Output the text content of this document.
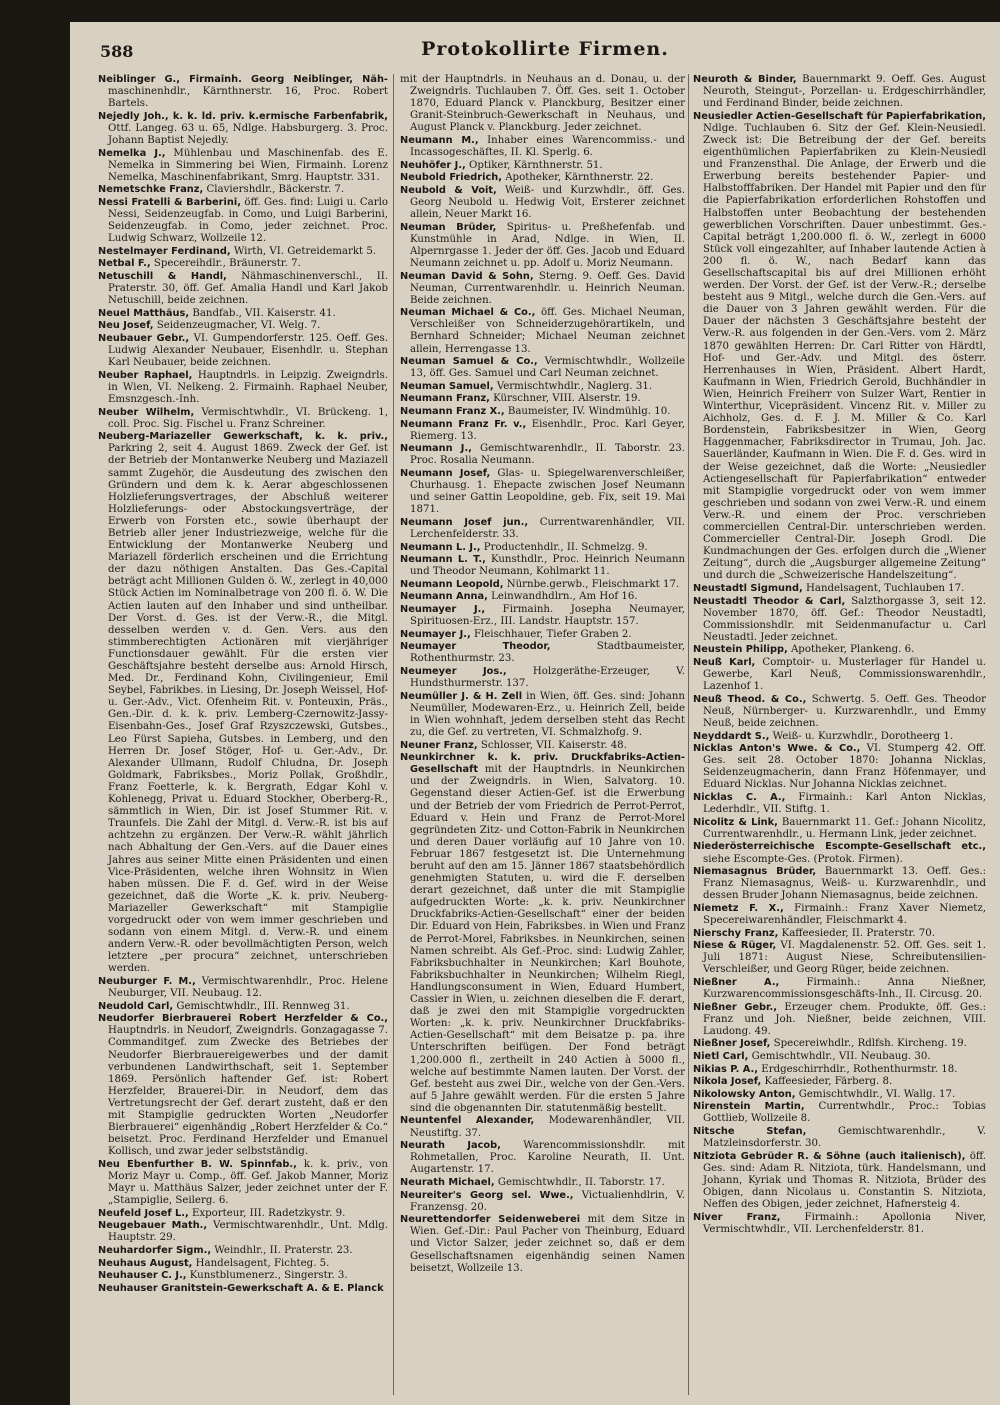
588	Protokollirte Firmen.
Neiblinger G., Firmainh. Georg Neiblinger, Näh- maschinenhdlr., Kärnthnerstr. 16, Proc. Robert Bartels.
Nejedly Joh., k. k. ld. priv. k.ermische Farbenfabrik, Ottf. Langeg. 63 u. 65, Ndlge. Habsburgerg. 3. Proc. Johann Baptist Nejedly.
Nemelka J., Mühlenbau und Maschinenfab. des E. Nemelka in Simmering bei Wien, Firmainh. Lorenz Nemelka, Maschinenfabrikant, Smrg. Hauptstr. 331.
Nemetschke Franz, Claviershdlr., Bäckerstr. 7.
Nessi Fratelli & Barberini, öff. Ges. find: Luigi u. Carlo Nessi, Seidenzeugfab. in Como, und Luigi Barberini, Seidenzeugfab. in Como, jeder zeichnet. Proc. Ludwig Schwarz, Wollzeile 12.
Nestelmayer Ferdinand, Wirth, VI. Getreidemarkt 5.
Netbal F., Specereihdlr., Bräunerstr. 7.
Netuschill & Handl, Nähmaschinenverschl., II. Praterstr. 30, öff. Gef. Amalia Handl und Karl Jakob Netuschill, beide zeichnen.
Neuel Matthäus, Bandfab., VII. Kaiserstr. 41.
Neu Josef, Seidenzeugmacher, VI. Welg. 7.
Neubauer Gebr., VI. Gumpendorferstr. 125. Oeff. Ges. Ludwig Alexander Neubauer, Eisenhdlr. u. Stephan Karl Neubauer, beide zeichnen.
Neuber Raphael, Hauptndrls. in Leipzig. Zweigndrls. in Wien, VI. Nelkeng. 2. Firmainh. Raphael Neuber, Emsnzgesch.-Inh.
Neuber Wilhelm, Vermischtwhdlr., VI. Brückeng. 1, coll. Proc. Sig. Fischel u. Franz Schreiner.
Neuberg-Mariazeller Gewerkschaft, k. k. priv., Parkring 2, seit 4. August 1869. Zweck der Gef. ist der Betrieb der Montanwerke Neuberg und Maziazell sammt Zugehör, die Ausdeutung des zwischen den Gründern und dem k. k. Aerar abgeschlossenen Holzlieferungsvertrages, der Abschluß weiterer Holzlieferungs- oder Abstockungsverträge, der Erwerb von Forsten etc., sowie überhaupt der Betrieb aller jener Industriezweige, welche für die Entwicklung der Montanwerke Neuberg und Mariazell förderlich erscheinen und die Errichtung der dazu nöthigen Anstalten. Das Ges.-Capital beträgt acht Millionen Gulden ö. W., zerlegt in 40,000 Stück Actien im Nominalbetrage von 200 fl. ö. W. Die Actien lauten auf den Inhaber und sind untheilbar. Der Vorst. d. Ges. ist der Verw.-R., die Mitgl. desselben werden v. d. Gen. Vers. aus den stimmberechtigten Actionären mit vierjähriger Functionsdauer gewählt. Für die ersten vier Geschäftsjahre besteht derselbe aus: Arnold Hirsch, Med. Dr., Ferdinand Kohn, Civilingenieur, Emil Seybel, Fabrikbes. in Liesing, Dr. Joseph Weissel, Hof- u. Ger.-Adv., Vict. Ofenheim Rit. v. Ponteuxin, Präs., Gen.-Dir. d. k. k. priv. Lemberg-Czernowitz-Jassy-Eisenbahn-Ges., Josef Graf Rzyszczewski, Gutsbes., Leo Fürst Sapieha, Gutsbes. in Lemberg, und den Herren Dr. Josef Stöger, Hof- u. Ger.-Adv., Dr. Alexander Ullmann, Rudolf Chludna, Dr. Joseph Goldmark, Fabriksbes., Moriz Pollak, Großhdlr., Franz Foetterle, k. k. Bergrath, Edgar Kohl v. Kohlenegg, Privat u. Eduard Stockher, Oberberg-R., sämmtlich in Wien, Dir. ist Josef Stummer Rit. v. Traunfels. Die Zahl der Mitgl. d. Verw.-R. ist bis auf achtzehn zu ergänzen. Der Verw.-R. wählt jährlich nach Abhaltung der Gen.-Vers. auf die Dauer eines Jahres aus seiner Mitte einen Präsidenten und einen Vice-Präsidenten, welche ihren Wohnsitz in Wien haben müssen. Die F. d. Gef. wird in der Weise gezeichnet, daß die Worte „K. k. priv. Neuberg-Mariazeller Gewerkschaft“ mit Stampiglie vorgedruckt oder von wem immer geschrieben und sodann von einem Mitgl. d. Verw.-R. und einem andern Verw.-R. oder bevollmächtigten Person, welch letztere „per procura“ zeichnet, unterschrieben werden.
Neuburger F. M., Vermischtwarenhdlr., Proc. Helene Neuburger, VII. Neubaug. 12.
Neudold Carl, Gemischtwhdlr., III. Rennweg 31.
Neudorfer Bierbrauerei Robert Herzfelder & Co., Hauptndrls. in Neudorf, Zweigndrls. Gonzagagasse 7. Commanditgef. zum Zwecke des Betriebes der Neudorfer Bierbrauereigewerbes und der damit verbundenen Landwirthschaft, seit 1. September 1869. Persönlich haftender Gef. ist: Robert Herzfelder, Brauerei-Dir. in Neudorf, dem das Vertretungsrecht der Gef. derart zusteht, daß er den mit Stampiglie gedruckten Worten „Neudorfer Bierbrauerei“ eigenhändig „Robert Herzfelder & Co.“ beisetzt. Proc. Ferdinand Herzfelder und Emanuel Kollisch, und zwar jeder selbstständig.
Neu Ebenfurther B. W. Spinnfab., k. k. priv., von Moriz Mayr u. Comp., öff. Gef. Jakob Manner, Moriz Mayr u. Matthäus Salzer, jeder zeichnet unter der F. „Stampiglie, Seilerg. 6.
Neufeld Josef L., Exporteur, III. Radetzkystr. 9.
Neugebauer Math., Vermischtwarenhdlr., Unt. Mdlg. Hauptstr. 29.
Neuhardorfer Sigm., Weindhlr., II. Praterstr. 23.
Neuhaus August, Handelsagent, Fichteg. 5.
Neuhauser C. J., Kunstblumenerz., Singerstr. 3.
Neuhauser Granitstein-Gewerkschaft A. & E. Planck
mit der Hauptndrls. in Neuhaus an d. Donau, u. der Zweigndrls. Tuchlauben 7. Öff. Ges. seit 1. October 1870, Eduard Planck v. Planckburg, Besitzer einer Granit-Steinbruch-Gewerkschaft in Neuhaus, und August Planck v. Planckburg. Jeder zeichnet.
Neumann M., Inhaber eines Warencommiss.- und Incassogeschäftes, II. Kl. Sperlg. 6.
Neuhöfer J., Optiker, Kärnthnerstr. 51.
Neubold Friedrich, Apotheker, Kärnthnerstr. 22.
Neubold & Voit, Weiß- und Kurzwhdlr., öff. Ges. Georg Neubold u. Hedwig Voit, Ersterer zeichnet allein, Neuer Markt 16.
Neuman Brüder, Spiritus- u. Preßhefenfab. und Kunstmühle in Arad, Ndlge. in Wien, II. Alpernrgasse 1. Jeder der öff. Ges. Jacob und Eduard Neumann zeichnet u. pp. Adolf u. Moriz Neumann.
Neuman David & Sohn, Sterng. 9. Oeff. Ges. David Neuman, Currentwarenhdlr. u. Heinrich Neuman. Beide zeichnen.
Neuman Michael & Co., öff. Ges. Michael Neuman, Verschleißer von Schneiderzugehörartikeln, und Bernhard Schneider; Michael Neuman zeichnet allein, Herrengasse 13.
Neuman Samuel & Co., Vermischtwhdlr., Wollzeile 13, öff. Ges. Samuel und Carl Neuman zeichnet.
Neuman Samuel, Vermischtwhdlr., Naglerg. 31.
Neumann Franz, Kürschner, VIII. Alserstr. 19.
Neumann Franz X., Baumeister, IV. Windmühlg. 10.
Neumann Franz Fr. v., Eisenhdlr., Proc. Karl Geyer, Riemerg. 13.
Neumann J., Gemischtwarenhdlr., II. Taborstr. 23. Proc. Rosalia Neumann.
Neumann Josef, Glas- u. Spiegelwarenverschleißer, Churhausg. 1. Ehepacte zwischen Josef Neumann und seiner Gattin Leopoldine, geb. Fix, seit 19. Mai 1871.
Neumann Josef jun., Currentwarenhändler, VII. Lerchenfelderstr. 33.
Neumann L. J., Productenhdlr., II. Schmelzg. 9.
Neumann L. T., Kunsthdlr., Proc. Heinrich Neumann und Theodor Neumann, Kohlmarkt 11.
Neumann Leopold, Nürnbe.gerwb., Fleischmarkt 17.
Neumann Anna, Leinwandhdlrn., Am Hof 16.
Neumayer J., Firmainh. Josepha Neumayer, Spirituosen-Erz., III. Landstr. Hauptstr. 157.
Neumayer J., Fleischhauer, Tiefer Graben 2.
Neumayer Theodor,	Stadtbaumeister, Rothenthurmstr. 23.
Neumeyer Jos.,	Holzgeräthe-Erzeuger, V. Hundsthurmerstr. 137.
Neumüller J. & H. Zell in Wien, öff. Ges. sind: Johann Neumüller, Modewaren-Erz., u. Heinrich Zell, beide in Wien wohnhaft, jedem derselben steht das Recht zu, die Gef. zu vertreten, VI. Schmalzhofg. 9.
Neuner Franz, Schlosser, VII. Kaiserstr. 48.
Neunkirchner k. k. priv. Druckfabriks-Actien-Gesellschaft mit der Hauptndrls. in Neunkirchen und der Zweigndrls. in Wien, Salvatorg. 10. Gegenstand dieser Actien-Gef. ist die Erwerbung und der Betrieb der vom Friedrich de Perrot-Perrot, Eduard v. Hein und Franz de Perrot-Morel gegründeten Zitz- und Cotton-Fabrik in Neunkirchen und deren Dauer vorläufig auf 10 Jahre von 10. Februar 1867 festgesetzt ist. Die Unternehmung beruht auf den am 15. Jänner 1867 staatsbehördlich genehmigten Statuten, u. wird die F. derselben derart gezeichnet, daß unter die mit Stampiglie aufgedruckten Worte: „k. k. priv. Neunkirchner Druckfabriks-Actien-Gesellschaft“ einer der beiden Dir. Eduard von Hein, Fabriksbes. in Wien und Franz de Perrot-Morel, Fabriksbes. in Neunkirchen, seinen Namen schreibt. Als Gef.-Proc. sind: Ludwig Zahler, Fabriksbuchhalter in Neunkirchen; Karl Bouhote, Fabriksbuchhalter in Neunkirchen; Wilhelm Riegl, Handlungsconsument in Wien, Eduard Humbert, Cassier in Wien, u. zeichnen dieselben die F. derart, daß je zwei den mit Stampiglie vorgedruckten Worten: „k. k. priv. Neunkirchner Druckfabriks-Actien-Gesellschaft“ mit dem Beisatze p. pa. ihre Unterschriften beifügen. Der Fond beträgt 1,200.000 fl., zertheilt in 240 Actien à 5000 fl., welche auf bestimmte Namen lauten. Der Vorst. der Gef. besteht aus zwei Dir., welche von der Gen.-Vers. auf 5 Jahre gewählt werden. Für die ersten 5 Jahre sind die obgenannten Dir. statutenmäßig bestellt.
Neuntenfel Alexander, Modewarenhändler, VII. Neustiftg. 37.
Neurath Jacob, Warencommissionshdlr. mit Rohmetallen, Proc. Karoline Neurath, II. Unt. Augartenstr. 17.
Neurath Michael, Gemischtwhdlr., II. Taborstr. 17.
Neureiter's Georg sel. Wwe., Victualienhdlrin, V. Franzensg. 20.
Neurettendorfer Seidenweberei mit dem Sitze in Wien. Gef.-Dir.: Paul Pacher von Theinburg, Eduard und Victor Salzer, jeder zeichnet so, daß er dem Gesellschaftsnamen eigenhändig seinen Namen beisetzt, Wollzeile 13.
Neuroth & Binder, Bauernmarkt 9. Oeff. Ges. August Neuroth, Steingut-, Porzellan- u. Erdgeschirrhändler, und Ferdinand Binder, beide zeichnen.
Neusiedler Actien-Gesellschaft für Papierfabrikation, Ndlge. Tuchlauben 6. Sitz der Gef. Klein-Neusiedl. Zweck ist: Die Betreibung der der Gef. bereits eigenthümlichen Papierfabriken zu Klein-Neusiedl und Franzensthal. Die Anlage, der Erwerb und die Erwerbung bereits bestehender Papier- und Halbstofffabriken. Der Handel mit Papier und den für die Papierfabrikation erforderlichen Rohstoffen und Halbstoffen unter Beobachtung der bestehenden gewerblichen Vorschriften. Dauer unbestimmt. Ges.-Capital beträgt 1,200.000 fl. ö. W., zerlegt in 6000 Stück voll eingezahlter, auf Inhaber lautende Actien à 200 fl. ö. W., nach Bedarf kann das Gesellschaftscapital bis auf drei Millionen erhöht werden. Der Vorst. der Gef. ist der Verw.-R.; derselbe besteht aus 9 Mitgl., welche durch die Gen.-Vers. auf die Dauer von 3 Jahren gewählt werden. Für die Dauer der nächsten 3 Geschäftsjahre besteht der Verw.-R. aus folgenden in der Gen.-Vers. vom 2. März 1870 gewählten Herren: Dr. Carl Ritter von Härdtl, Hof- und Ger.-Adv. und Mitgl. des österr. Herrenhauses in Wien, Präsident. Albert Hardt, Kaufmann in Wien, Friedrich Gerold, Buchhändler in Wien, Heinrich Freiherr von Sulzer Wart, Rentier in Winterthur, Vicepräsident. Vincenz Rit. v. Miller zu Aichholz, Ges. d. F. J. M. Miller & Co. Karl Bordenstein, Fabriksbesitzer in Wien, Georg Haggenmacher, Fabriksdirector in Trumau, Joh. Jac. Sauerländer, Kaufmann in Wien. Die F. d. Ges. wird in der Weise gezeichnet, daß die Worte: „Neusiedler Actiengesellschaft für Papierfabrikation“ entweder mit Stampiglie vorgedruckt oder von wem immer geschrieben und sodann von zwei Verw.-R. und einem Verw.-R. und einem der Proc. verschrieben commerciellen Central-Dir. unterschrieben werden. Commercieller Central-Dir. Joseph Grodl. Die Kundmachungen der Ges. erfolgen durch die „Wiener Zeitung“, durch die „Augsburger allgemeine Zeitung“ und durch die „Schweizerische Handelszeitung“.
Neustadtl Sigmund, Handelsagent, Tuchlauben 17.
Neustadtl Theodor & Carl, Salzthorgasse 3, seit 12. November 1870, öff. Gef.: Theodor Neustadtl, Commissionshdlr. mit Seidenmanufactur u. Carl Neustadtl. Jeder zeichnet.
Neustein Philipp, Apotheker, Plankeng. 6.
Neuß Karl, Comptoir- u. Musterlager für Handel u. Gewerbe, Karl Neuß, Commissionswarenhdlr., Lazenhof 1.
Neuß Theod. & Co., Schwertg. 5. Oeff. Ges. Theodor Neuß, Nürnberger- u. Kurzwarenhdlr., und Emmy Neuß, beide zeichnen.
Neyddardt S., Weiß- u. Kurzwhdlr., Dorotheerg 1.
Nicklas Anton's Wwe. & Co., VI. Stumperg 42. Off. Ges. seit 28. October 1870: Johanna Nicklas, Seidenzeugmacherin, dann Franz Höfenmayer, und Eduard Nicklas. Nur Johanna Nicklas zeichnet.
Nicklas C. A., Firmainh.: Karl Anton Nicklas, Lederhdlr., VII. Stiftg. 1.
Nicolitz & Link, Bauernmarkt 11. Gef.: Johann Nicolitz, Currentwarenhdlr., u. Hermann Link, jeder zeichnet.
Niederösterreichische Escompte-Gesellschaft etc., siehe Escompte-Ges. (Protok. Firmen).
Niemasagnus Brüder, Bauernmarkt 13. Oeff. Ges.: Franz Niemasagnus, Weiß- u. Kurzwarenhdlr., und dessen Bruder Johann Niemasagnus, beide zeichnen.
Niemetz F. X., Firmainh.: Franz Xaver Niemetz, Specereiwarenhändler, Fleischmarkt 4.
Nierschy Franz, Kaffeesieder, II. Praterstr. 70.
Niese & Rüger, VI. Magdalenenstr. 52. Off. Ges. seit 1. Juli 1871: August Niese, Schreibutensilien-Verschleißer, und Georg Rüger, beide zeichnen.
Nießner A.,	Firmainh.: Anna Nießner, Kurzwarencommissionsgeschäfts-Inh., II. Circusg. 20.
Nießner Gebr., Erzeuger chem. Produkte, öff. Ges.: Franz und Joh. Nießner, beide zeichnen, VIII. Laudong. 49.
Nießner Josef, Specereiwhdlr., Rdlfsh. Kircheng. 19.
Nietl Carl, Gemischtwhdlr., VII. Neubaug. 30.
Nikias P. A., Erdgeschirrhdlr., Rothenthurmstr. 18.
Nikola Josef, Kaffeesieder, Färberg. 8.
Nikolowsky Anton, Gemischtwhdlr., VI. Wallg. 17.
Nirenstein Martin, Currentwhdlr., Proc.: Tobias Gottlieb, Wollzeile 8.
Nitsche Stefan,	Gemischtwarenhdlr., V. Matzleinsdorferstr. 30.
Nitziota Gebrüder R. & Söhne (auch italienisch), öff. Ges. sind: Adam R. Nitziota, türk. Handelsmann, und Johann, Kyriak und Thomas R. Nitziota, Brüder des Obigen, dann Nicolaus u. Constantin S. Nitziota, Neffen des Obigen, jeder zeichnet, Hafnersteig 4.
Niver Franz, Firmainh.: Apollonia Niver, Vermischtwhdlr., VII. Lerchenfelderstr. 81.
